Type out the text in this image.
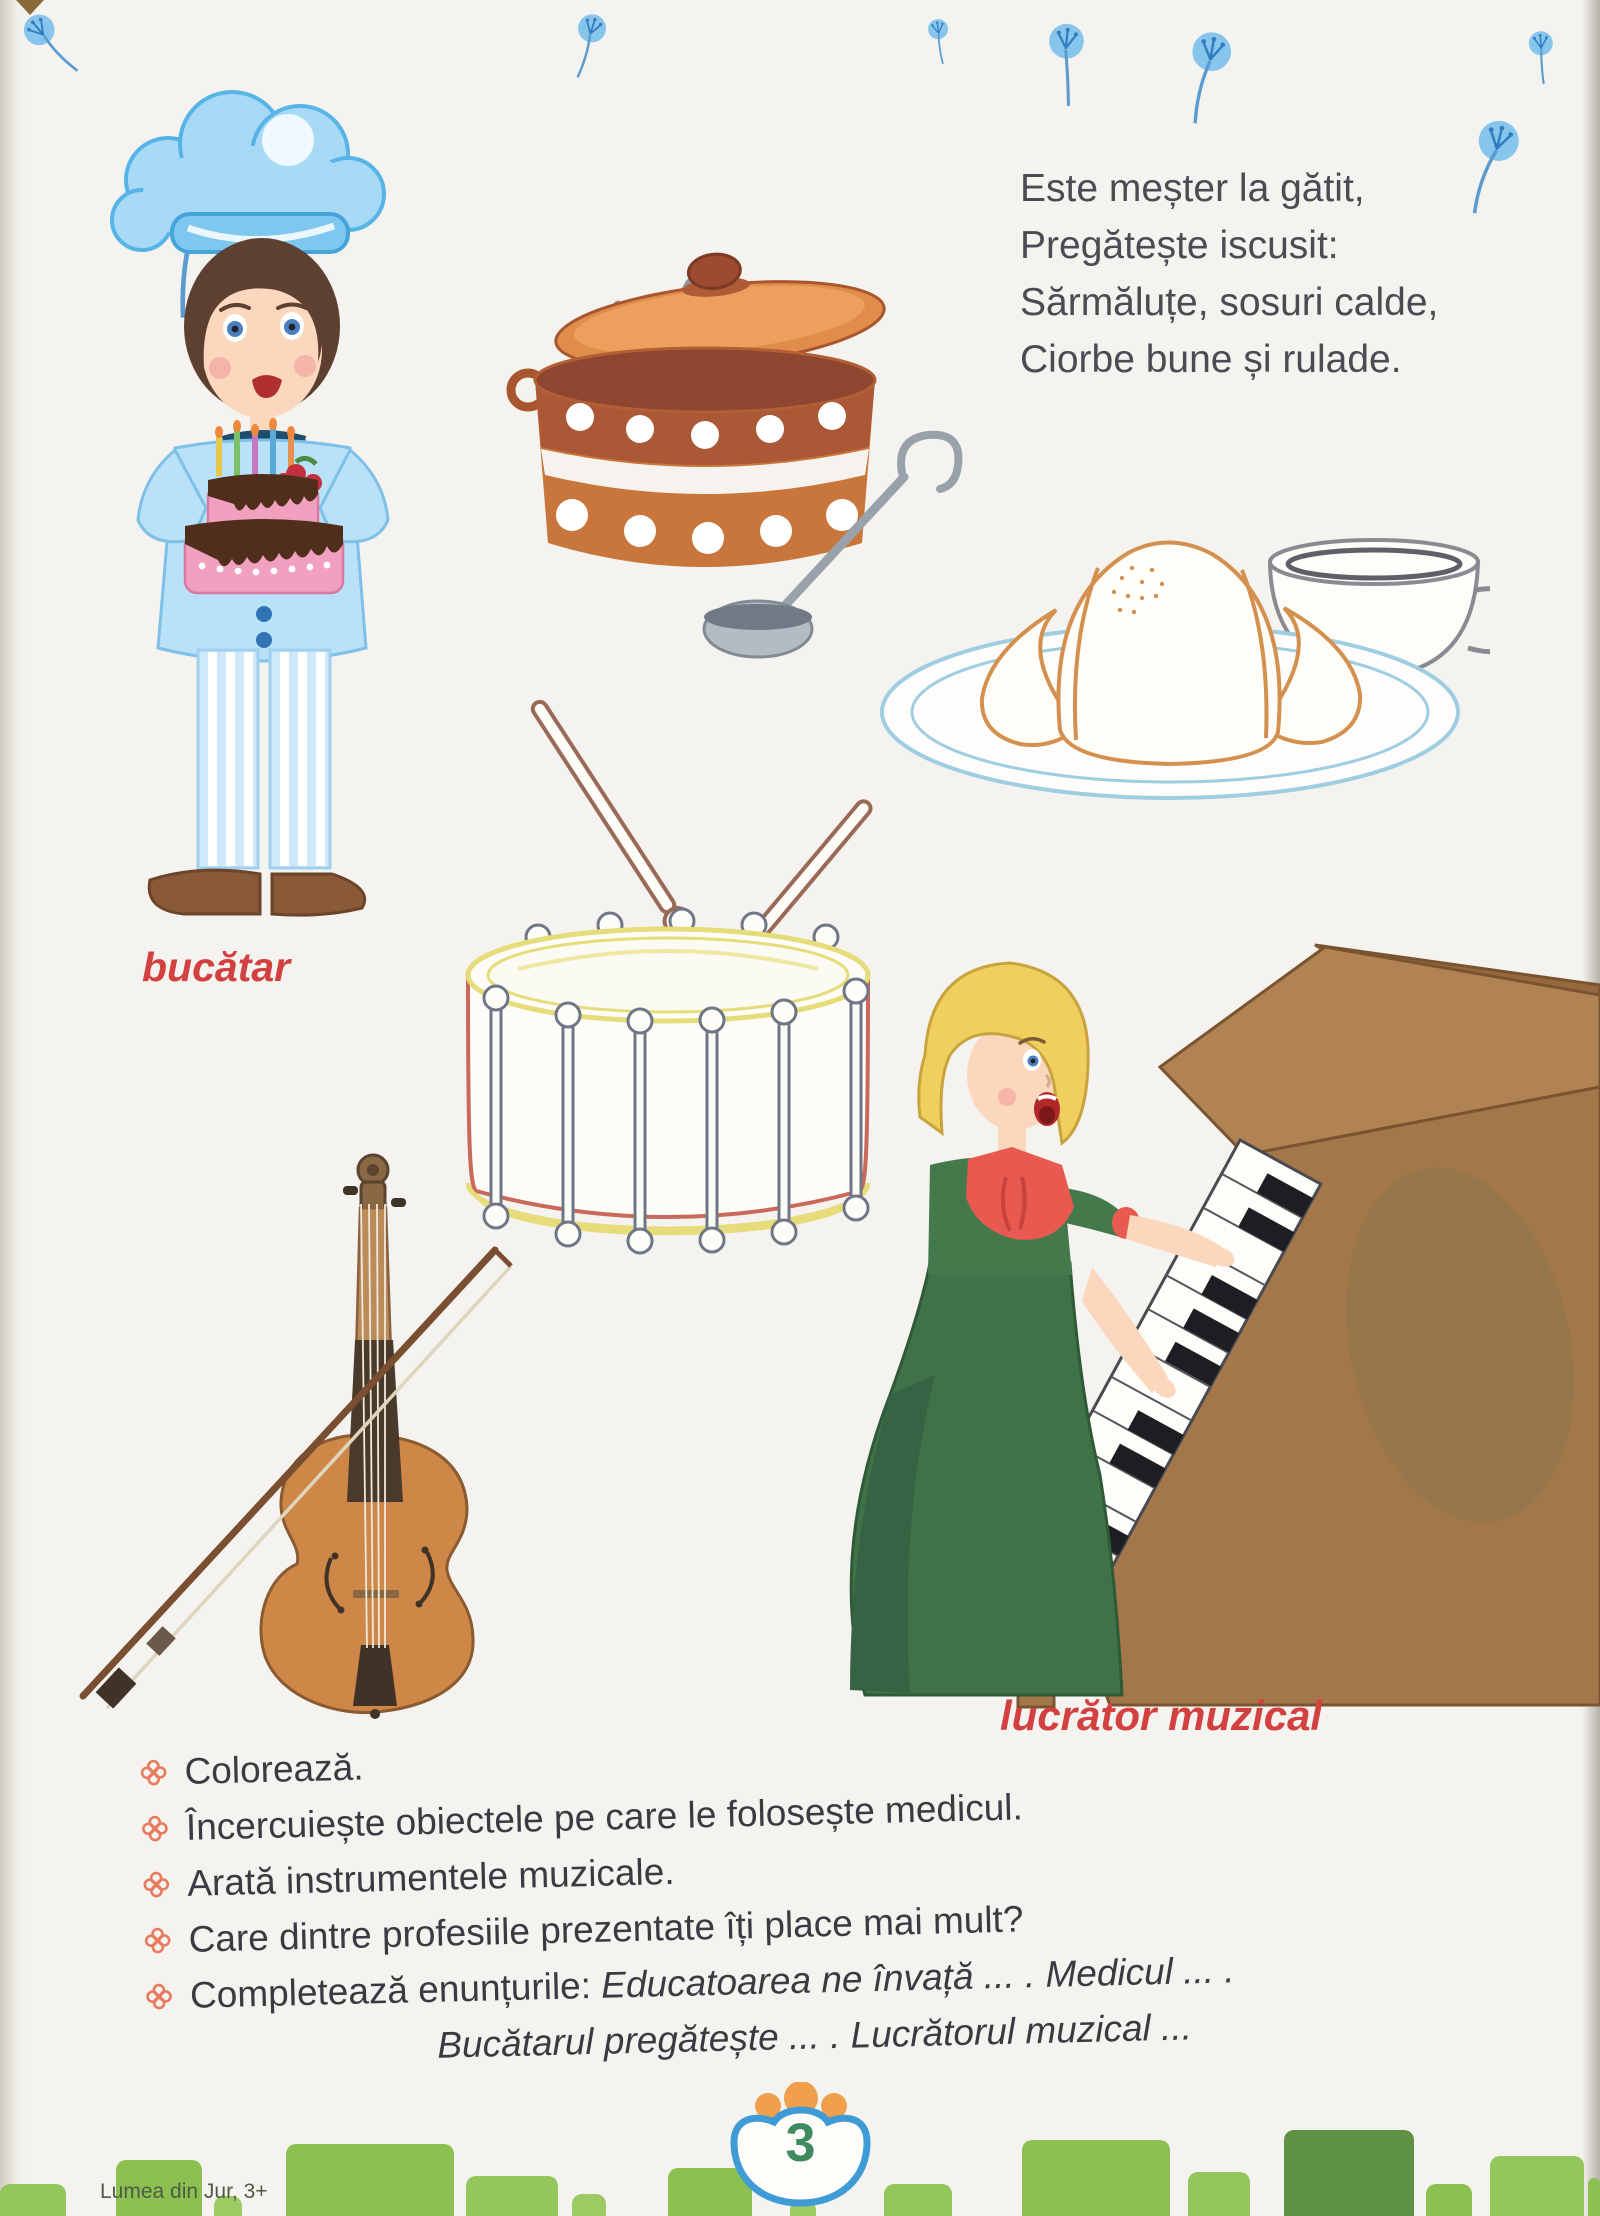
Este meșter la gătit,
Pregătește iscusit:
Sărmăluțe, sosuri calde,
Ciorbe bune și rulade.
bucătar
lucrător muzical
Colorează.
Încercuiește obiectele pe care le folosește medicul.
Arată instrumentele muzicale.
Care dintre profesiile prezentate îți place mai mult?
Completează enunțurile: Educatoarea ne învață ... . Medicul ... .
Bucătarul pregătește ... . Lucrătorul muzical ...
3
Lumea din Jur, 3+
